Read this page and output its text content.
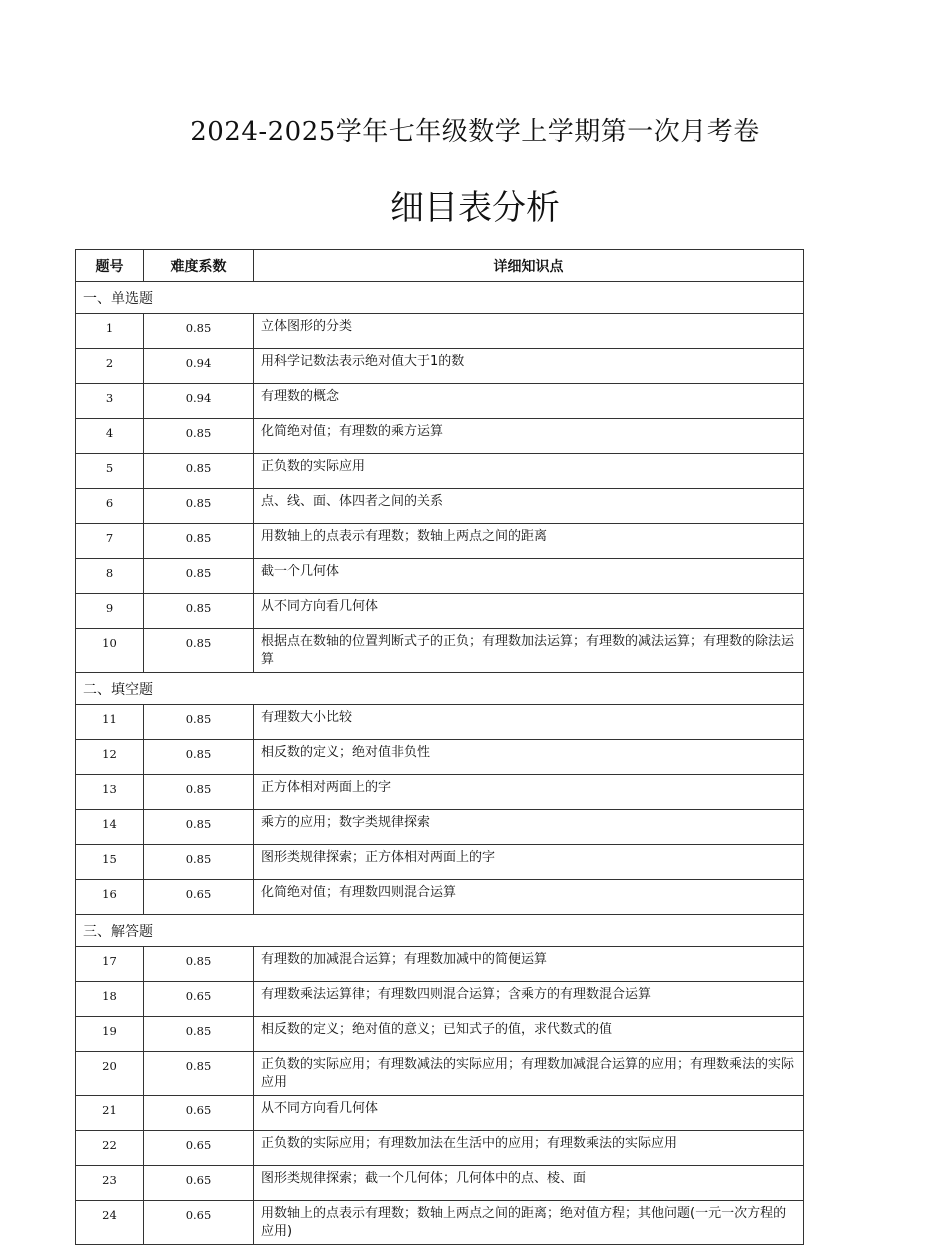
2024-2025学年七年级数学上学期第一次月考卷
细目表分析
题号	难度系数	详细知识点
一、单选题		
1	0.85	立体图形的分类
2	0.94	用科学记数法表示绝对值大于1的数
3	0.94	有理数的概念
4	0.85	化简绝对值；有理数的乘方运算
5	0.85	正负数的实际应用
6	0.85	点、线、面、体四者之间的关系
7	0.85	用数轴上的点表示有理数；数轴上两点之间的距离
8	0.85	截一个几何体
9	0.85	从不同方向看几何体
10	0.85	根据点在数轴的位置判断式子的正负；有理数加法运算；有理数的减法运算；有理数的除法运算
二、填空题		
11	0.85	有理数大小比较
12	0.85	相反数的定义；绝对值非负性
13	0.85	正方体相对两面上的字
14	0.85	乘方的应用；数字类规律探索
15	0.85	图形类规律探索；正方体相对两面上的字
16	0.65	化简绝对值；有理数四则混合运算
三、解答题		
17	0.85	有理数的加减混合运算；有理数加减中的简便运算
18	0.65	有理数乘法运算律；有理数四则混合运算；含乘方的有理数混合运算
19	0.85	相反数的定义；绝对值的意义；已知式子的值，求代数式的值
20	0.85	正负数的实际应用；有理数减法的实际应用；有理数加减混合运算的应用；有理数乘法的实际应用
21	0.65	从不同方向看几何体
22	0.65	正负数的实际应用；有理数加法在生活中的应用；有理数乘法的实际应用
23	0.65	图形类规律探索；截一个几何体；几何体中的点、棱、面
24	0.65	用数轴上的点表示有理数；数轴上两点之间的距离；绝对值方程；其他问题(一元一次方程的应用)
